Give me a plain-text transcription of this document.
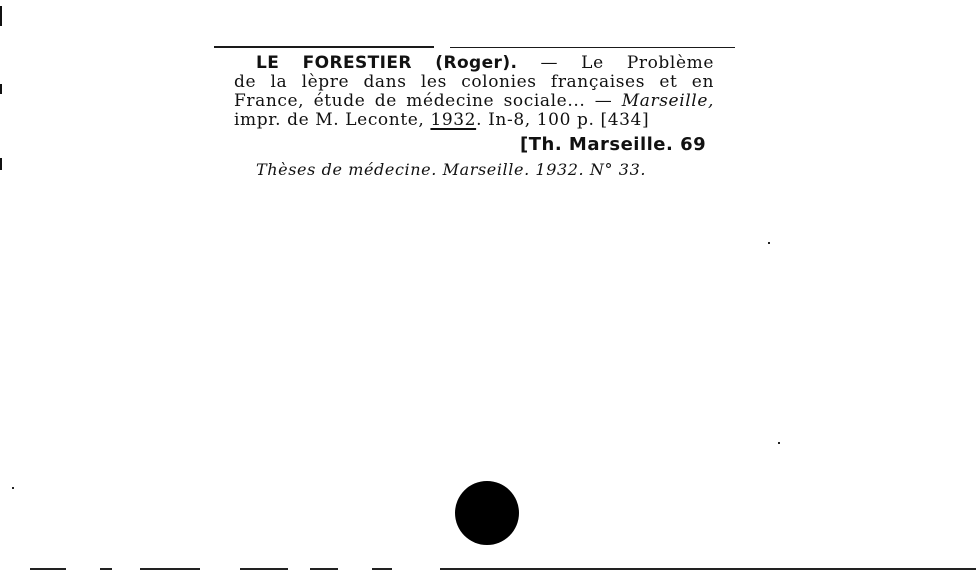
LE FORESTIER (Roger). — Le Problème
de la lèpre dans les colonies françaises et en
France, étude de médecine sociale... — Marseille,
impr. de M. Leconte, 1932. In-8, 100 p. [434]
[Th. Marseille. 69
Thèses de médecine. Marseille. 1932. N° 33.
